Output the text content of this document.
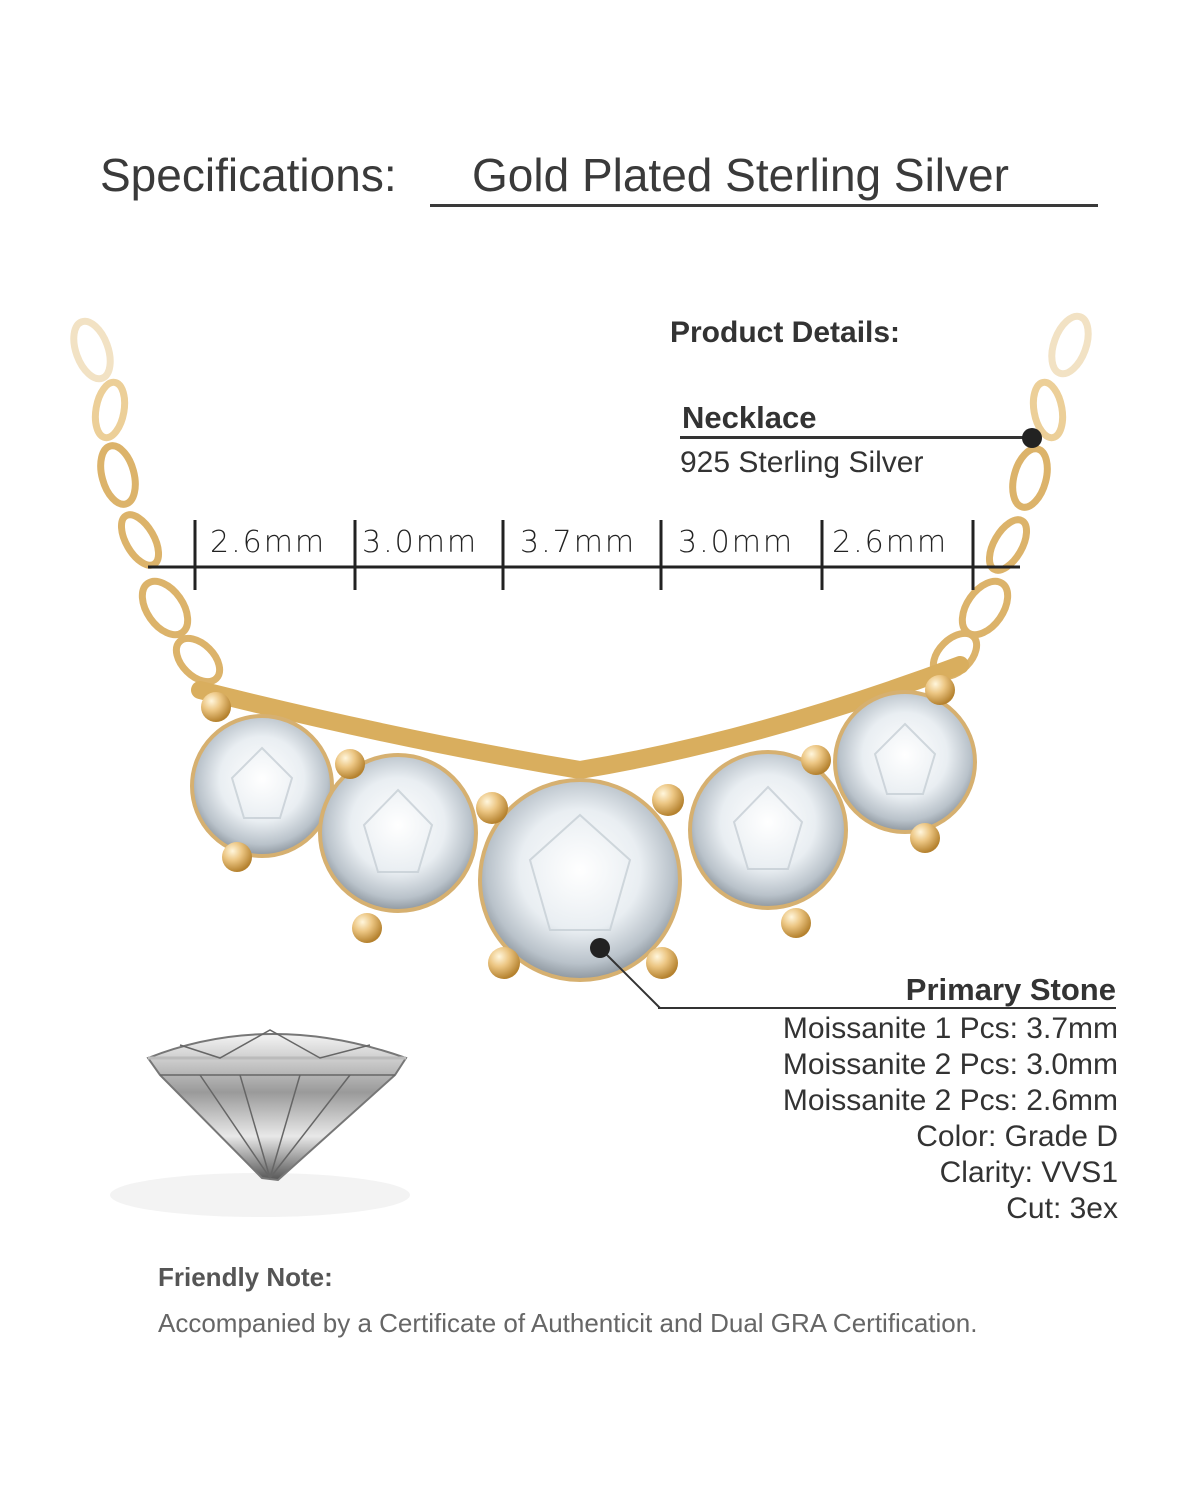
Specifications:	Gold Plated Sterling Silver
Product Details:
Necklace
925 Sterling Silver
2.6mm 3.0mm 3.7mm 3.0mm 2.6mm
Primary Stone
Moissanite 1 Pcs: 3.7mm
Moissanite 2 Pcs: 3.0mm
Moissanite 2 Pcs: 2.6mm
Color: Grade D
Clarity: VVS1
Cut: 3ex
Friendly Note:
Accompanied by a Certificate of Authenticit and Dual GRA Certification.
